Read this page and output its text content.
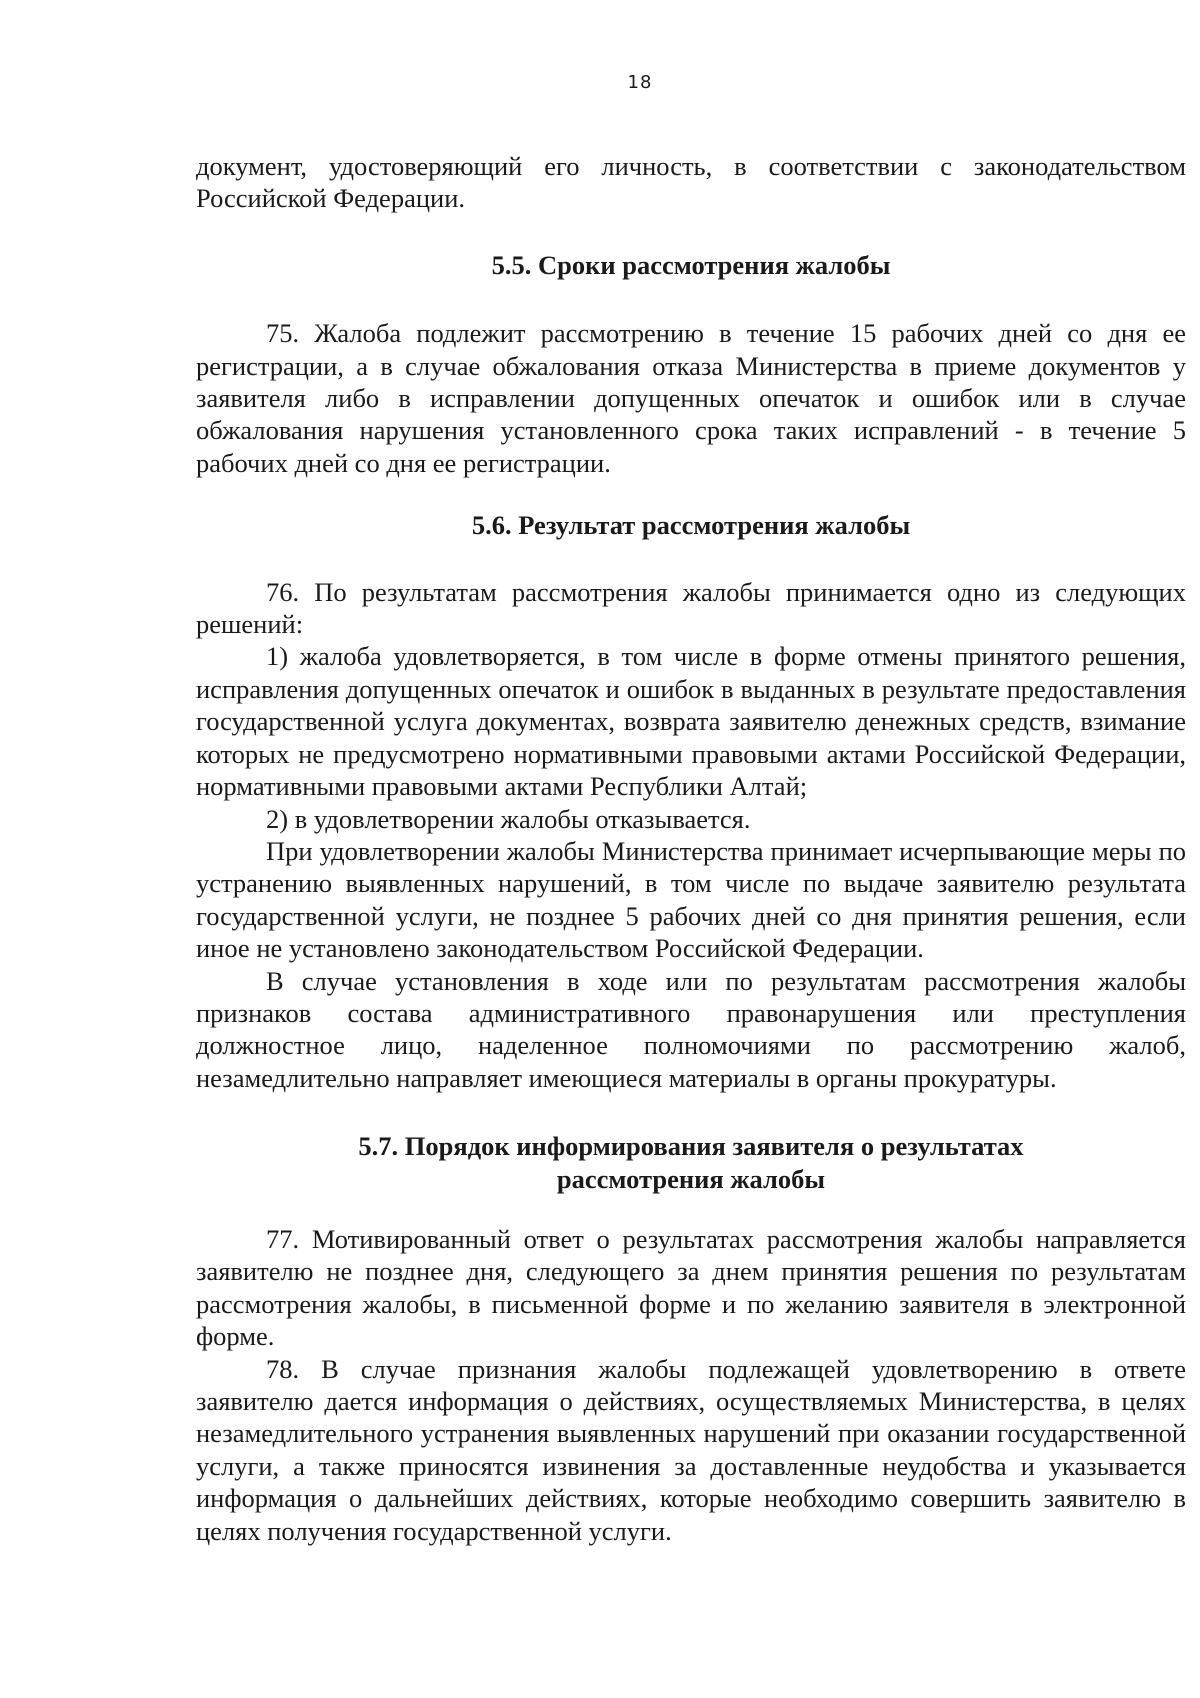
18

документ, удостоверяющий его личность, в соответствии с законодательством Российской Федерации.

5.5. Сроки рассмотрения жалобы

75. Жалоба подлежит рассмотрению в течение 15 рабочих дней со дня ее регистрации, а в случае обжалования отказа Министерства в приеме документов у заявителя либо в исправлении допущенных опечаток и ошибок или в случае обжалования нарушения установленного срока таких исправлений - в течение 5 рабочих дней со дня ее регистрации.

5.6. Результат рассмотрения жалобы

76. По результатам рассмотрения жалобы принимается одно из следующих решений:

1) жалоба удовлетворяется, в том числе в форме отмены принятого решения, исправления допущенных опечаток и ошибок в выданных в результате предоставления государственной услуга документах, возврата заявителю денежных средств, взимание которых не предусмотрено нормативными правовыми актами Российской Федерации, нормативными правовыми актами Республики Алтай;

2) в удовлетворении жалобы отказывается.

При удовлетворении жалобы Министерства принимает исчерпывающие меры по устранению выявленных нарушений, в том числе по выдаче заявителю результата государственной услуги, не позднее 5 рабочих дней со дня принятия решения, если иное не установлено законодательством Российской Федерации.

В случае установления в ходе или по результатам рассмотрения жалобы признаков состава административного правонарушения или преступления должностное лицо, наделенное полномочиями по рассмотрению жалоб, незамедлительно направляет имеющиеся материалы в органы прокуратуры.

5.7. Порядок информирования заявителя о результатах
рассмотрения жалобы

77. Мотивированный ответ о результатах рассмотрения жалобы направляется заявителю не позднее дня, следующего за днем принятия решения по результатам рассмотрения жалобы, в письменной форме и по желанию заявителя в электронной форме.

78. В случае признания жалобы подлежащей удовлетворению в ответе заявителю дается информация о действиях, осуществляемых Министерства, в целях незамедлительного устранения выявленных нарушений при оказании государственной услуги, а также приносятся извинения за доставленные неудобства и указывается информация о дальнейших действиях, которые необходимо совершить заявителю в целях получения государственной услуги.
